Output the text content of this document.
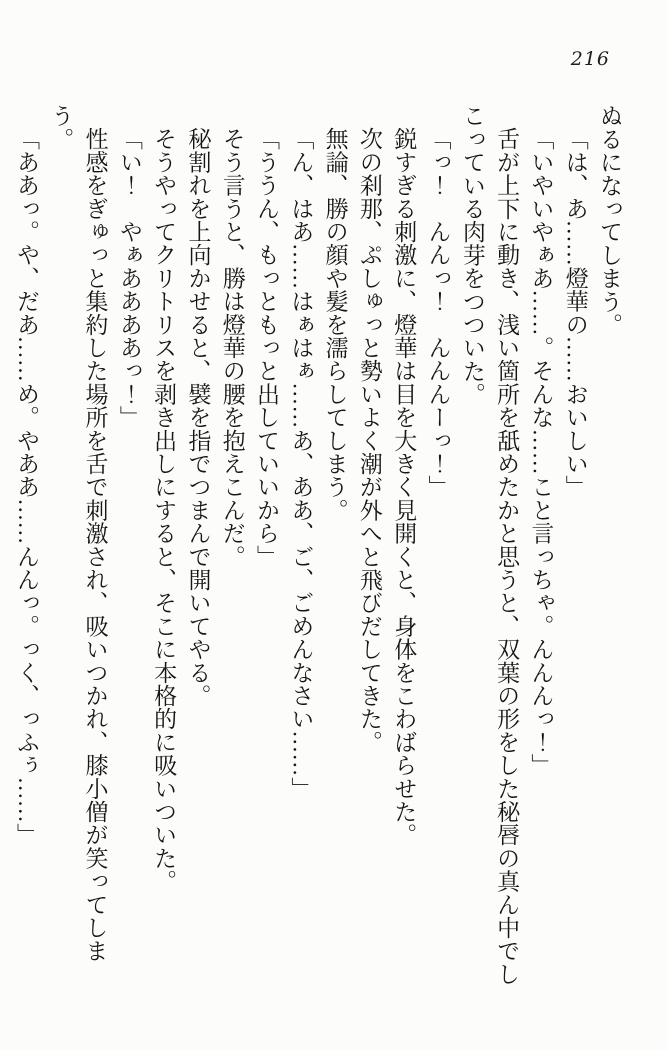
216

ぬるになってしまう。

「は、あ……燈華の……おいしい」

「いやいやぁあ……。そんな……こと言っちゃ。んんんっ！」

舌が上下に動き、浅い箇所を舐めたかと思うと、双葉の形をした秘唇の真ん中でしこっている肉芽をつついた。

「っ！　んんっ！　んんんーっ！」

鋭すぎる刺激に、燈華は目を大きく見開くと、身体をこわばらせた。

次の刹那、ぷしゅっと勢いよく潮が外へと飛びだしてきた。

無論、勝の顔や髪を濡らしてしまう。

「ん、はあ……はぁはぁ……あ、ああ、ご、ごめんなさい……」

「ううん、もっともっと出していいから」

そう言うと、勝は燈華の腰を抱えこんだ。

秘割れを上向かせると、襞を指でつまんで開いてやる。

そうやってクリトリスを剥き出しにすると、そこに本格的に吸いついた。

「い！　やぁああああっ！」

性感をぎゅっと集約した場所を舌で刺激され、吸いつかれ、膝小僧が笑ってしまう。

「ああっ。や、だあ……め。やああ……んんっ。っく、っふぅ……」
